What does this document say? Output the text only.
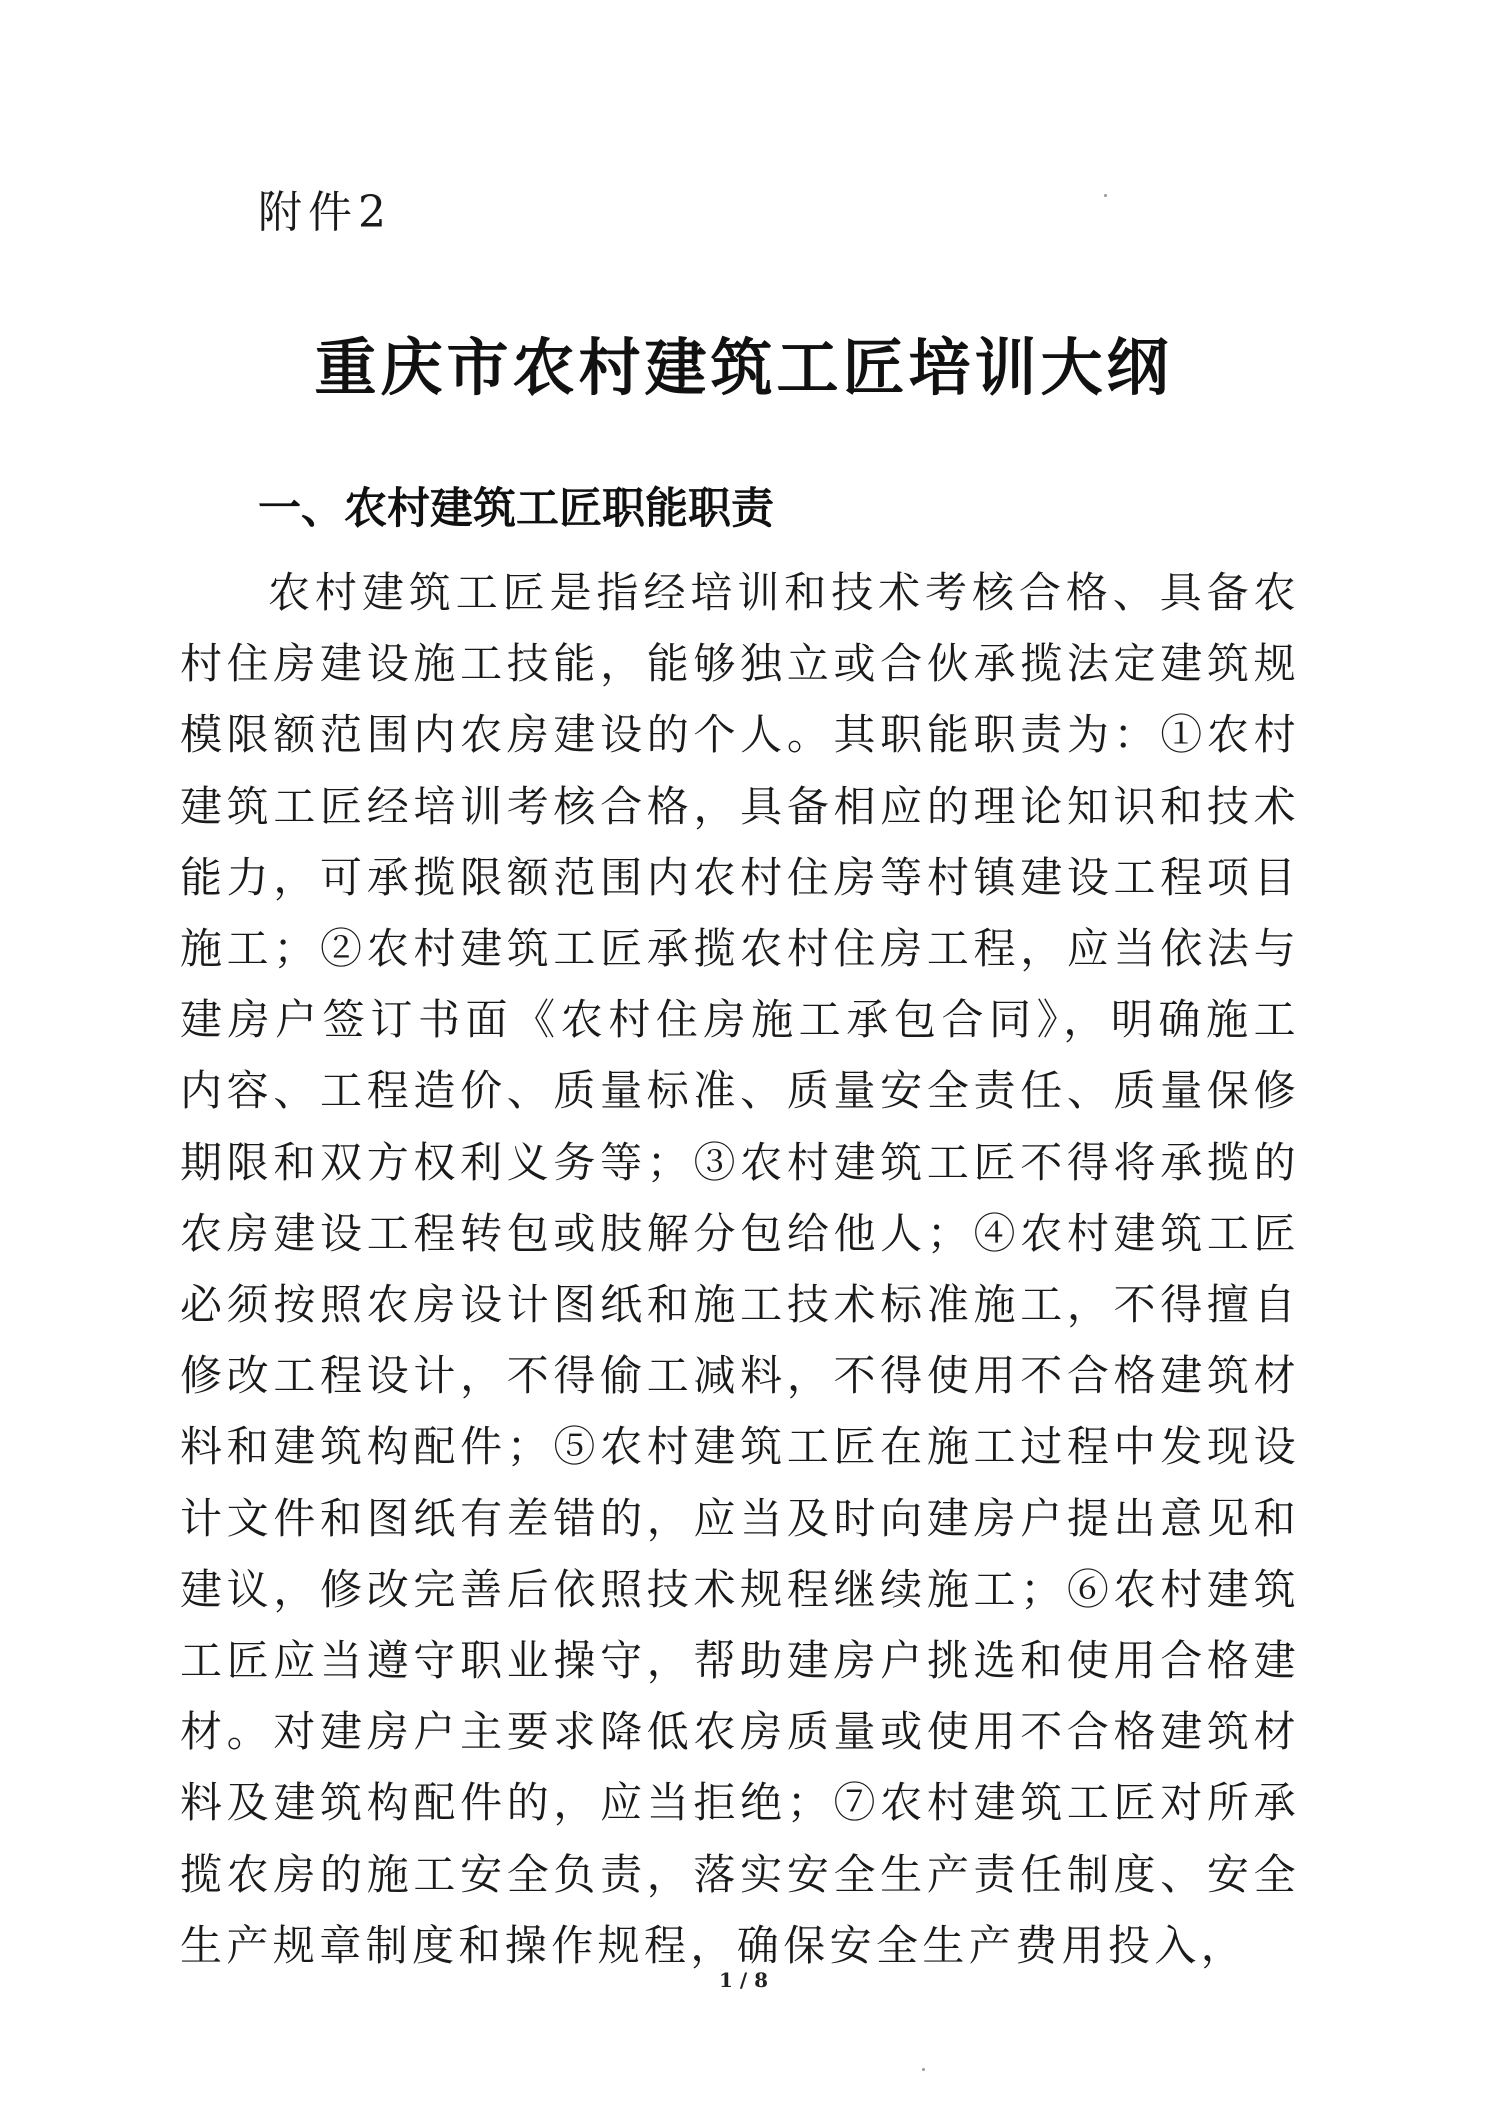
附件2
重庆市农村建筑工匠培训大纲
一、农村建筑工匠职能职责

农村建筑工匠是指经培训和技术考核合格、具备农村住房建设施工技能，能够独立或合伙承揽法定建筑规模限额范围内农房建设的个人。其职能职责为：①农村建筑工匠经培训考核合格，具备相应的理论知识和技术能力，可承揽限额范围内农村住房等村镇建设工程项目施工；②农村建筑工匠承揽农村住房工程，应当依法与建房户签订书面《农村住房施工承包合同》，明确施工内容、工程造价、质量标准、质量安全责任、质量保修期限和双方权利义务等；③农村建筑工匠不得将承揽的农房建设工程转包或肢解分包给他人；④农村建筑工匠必须按照农房设计图纸和施工技术标准施工，不得擅自修改工程设计，不得偷工减料，不得使用不合格建筑材料和建筑构配件；⑤农村建筑工匠在施工过程中发现设计文件和图纸有差错的，应当及时向建房户提出意见和建议，修改完善后依照技术规程继续施工；⑥农村建筑工匠应当遵守职业操守，帮助建房户挑选和使用合格建材。对建房户主要求降低农房质量或使用不合格建筑材料及建筑构配件的，应当拒绝；⑦农村建筑工匠对所承揽农房的施工安全负责，落实安全生产责任制度、安全生产规章制度和操作规程，确保安全生产费用投入，

1 / 8
